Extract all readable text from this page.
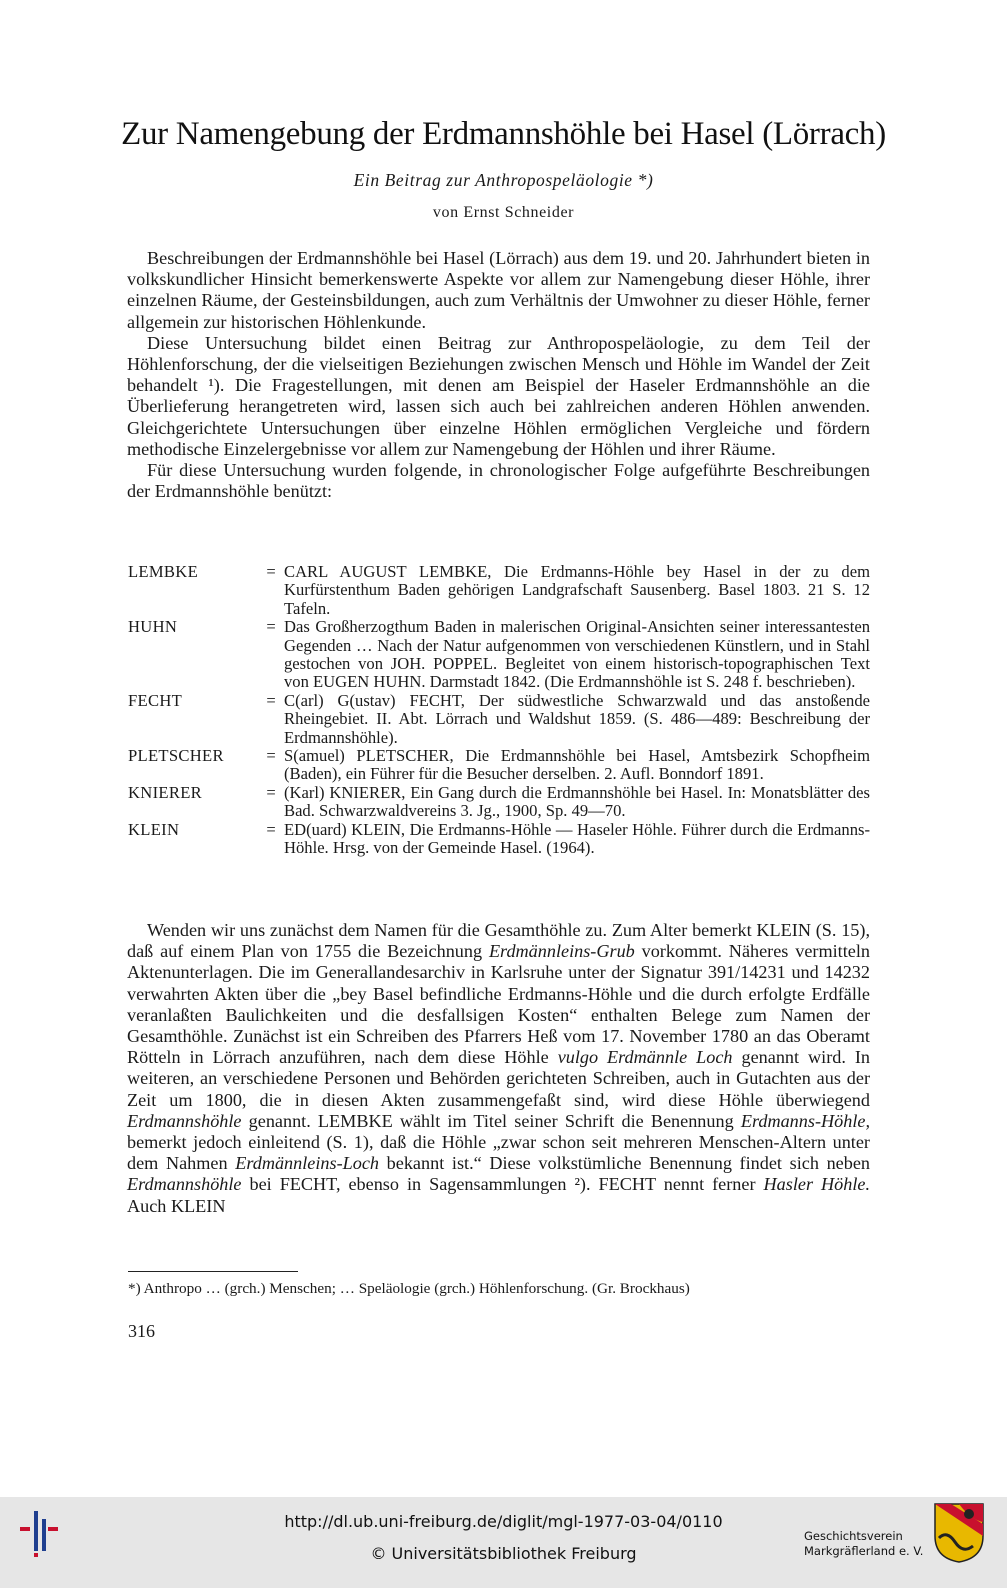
Zur Namengebung der Erdmannshöhle bei Hasel (Lörrach)
Ein Beitrag zur Anthropospeläologie *)
von Ernst Schneider

Beschreibungen der Erdmannshöhle bei Hasel (Lörrach) aus dem 19. und 20. Jahrhundert bieten in volkskundlicher Hinsicht bemerkenswerte Aspekte vor allem zur Namengebung dieser Höhle, ihrer einzelnen Räume, der Gesteinsbildungen, auch zum Verhältnis der Umwohner zu dieser Höhle, ferner allgemein zur historischen Höhlenkunde.

Diese Untersuchung bildet einen Beitrag zur Anthropospeläologie, zu dem Teil der Höhlenforschung, der die vielseitigen Beziehungen zwischen Mensch und Höhle im Wandel der Zeit behandelt ¹). Die Fragestellungen, mit denen am Beispiel der Haseler Erdmannshöhle an die Überlieferung herangetreten wird, lassen sich auch bei zahlreichen anderen Höhlen anwenden. Gleichgerichtete Untersuchungen über einzelne Höhlen ermöglichen Vergleiche und fördern methodische Einzelergebnisse vor allem zur Namengebung der Höhlen und ihrer Räume.

Für diese Untersuchung wurden folgende, in chronologischer Folge aufgeführte Beschreibungen der Erdmannshöhle benützt:

LEMBKE	= CARL AUGUST LEMBKE, Die Erdmanns-Höhle bey Hasel in der zu dem Kurfürstenthum Baden gehörigen Landgrafschaft Sausenberg. Basel 1803. 21 S. 12 Tafeln.
HUHN	= Das Großherzogthum Baden in malerischen Original-Ansichten seiner interessantesten Gegenden … Nach der Natur aufgenommen von verschiedenen Künstlern, und in Stahl gestochen von JOH. POPPEL. Begleitet von einem historisch-topographischen Text von EUGEN HUHN. Darmstadt 1842. (Die Erdmannshöhle ist S. 248 f. beschrieben).
FECHT	= C(arl) G(ustav) FECHT, Der südwestliche Schwarzwald und das anstoßende Rheingebiet. II. Abt. Lörrach und Waldshut 1859. (S. 486—489: Beschreibung der Erdmannshöhle).
PLETSCHER	= S(amuel) PLETSCHER, Die Erdmannshöhle bei Hasel, Amtsbezirk Schopfheim (Baden), ein Führer für die Besucher derselben. 2. Aufl. Bonndorf 1891.
KNIERER	= (Karl) KNIERER, Ein Gang durch die Erdmannshöhle bei Hasel. In: Monatsblätter des Bad. Schwarzwaldvereins 3. Jg., 1900, Sp. 49—70.
KLEIN	= ED(uard) KLEIN, Die Erdmanns-Höhle — Haseler Höhle. Führer durch die Erdmanns-Höhle. Hrsg. von der Gemeinde Hasel. (1964).

Wenden wir uns zunächst dem Namen für die Gesamthöhle zu. Zum Alter bemerkt KLEIN (S. 15), daß auf einem Plan von 1755 die Bezeichnung Erdmännleins-Grub vorkommt. Näheres vermitteln Aktenunterlagen. Die im Generallandesarchiv in Karlsruhe unter der Signatur 391/14231 und 14232 verwahrten Akten über die „bey Basel befindliche Erdmanns-Höhle und die durch erfolgte Erdfälle veranlaßten Baulichkeiten und die desfallsigen Kosten“ enthalten Belege zum Namen der Gesamthöhle. Zunächst ist ein Schreiben des Pfarrers Heß vom 17. November 1780 an das Oberamt Rötteln in Lörrach anzuführen, nach dem diese Höhle vulgo Erdmännle Loch genannt wird. In weiteren, an verschiedene Personen und Behörden gerichteten Schreiben, auch in Gutachten aus der Zeit um 1800, die in diesen Akten zusammengefaßt sind, wird diese Höhle überwiegend Erdmannshöhle genannt. LEMBKE wählt im Titel seiner Schrift die Benennung Erdmanns-Höhle, bemerkt jedoch einleitend (S. 1), daß die Höhle „zwar schon seit mehreren Menschen-Altern unter dem Nahmen Erdmännleins-Loch bekannt ist.“ Diese volkstümliche Benennung findet sich neben Erdmannshöhle bei FECHT, ebenso in Sagensammlungen ²). FECHT nennt ferner Hasler Höhle. Auch KLEIN

*) Anthropo … (grch.) Menschen; … Speläologie (grch.) Höhlenforschung. (Gr. Brockhaus)
316
http://dl.ub.uni-freiburg.de/diglit/mgl-1977-03-04/0110
© Universitätsbibliothek Freiburg
Geschichtsverein
Markgräflerland e. V.
